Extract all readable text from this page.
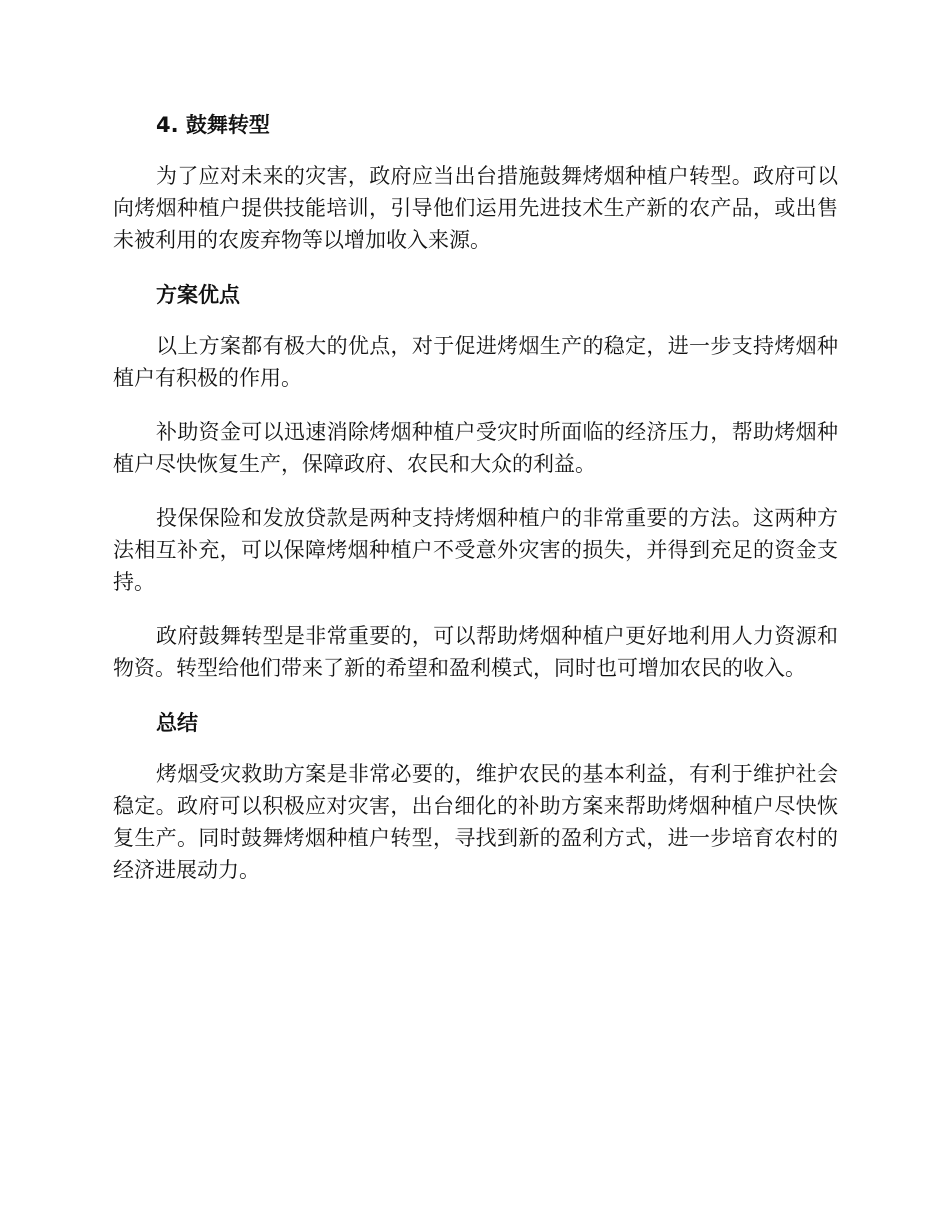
4. 鼓舞转型

为了应对未来的灾害，政府应当出台措施鼓舞烤烟种植户转型。政府可以向烤烟种植户提供技能培训，引导他们运用先进技术生产新的农产品，或出售未被利用的农废弃物等以增加收入来源。

方案优点

以上方案都有极大的优点，对于促进烤烟生产的稳定，进一步支持烤烟种植户有积极的作用。

补助资金可以迅速消除烤烟种植户受灾时所面临的经济压力，帮助烤烟种植户尽快恢复生产，保障政府、农民和大众的利益。

投保保险和发放贷款是两种支持烤烟种植户的非常重要的方法。这两种方法相互补充，可以保障烤烟种植户不受意外灾害的损失，并得到充足的资金支持。

政府鼓舞转型是非常重要的，可以帮助烤烟种植户更好地利用人力资源和物资。转型给他们带来了新的希望和盈利模式，同时也可增加农民的收入。

总结

烤烟受灾救助方案是非常必要的，维护农民的基本利益，有利于维护社会稳定。政府可以积极应对灾害，出台细化的补助方案来帮助烤烟种植户尽快恢复生产。同时鼓舞烤烟种植户转型，寻找到新的盈利方式，进一步培育农村的经济进展动力。
